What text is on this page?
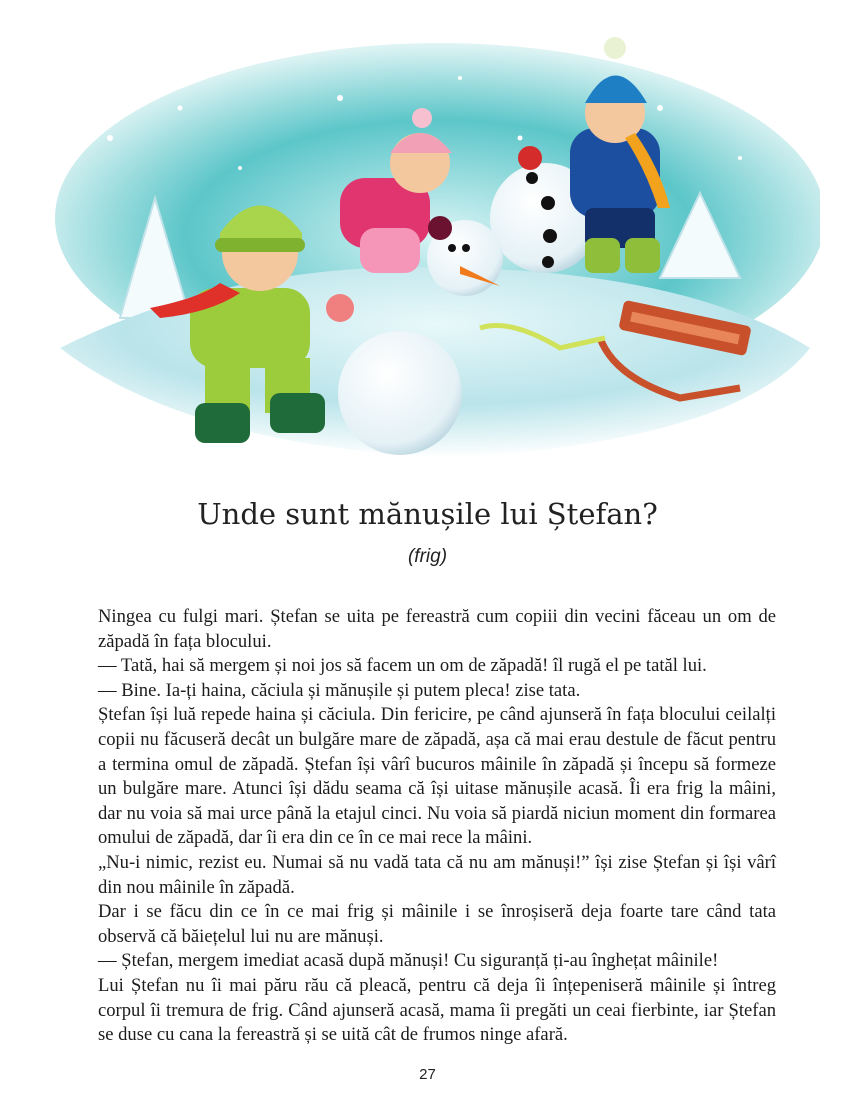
Unde sunt mănușile lui Ștefan?
(frig)

Ningea cu fulgi mari. Ștefan se uita pe fereastră cum copiii din vecini făceau un om de zăpadă în fața blocului.

— Tată, hai să mergem și noi jos să facem un om de zăpadă! îl rugă el pe tatăl lui.

— Bine. Ia-ți haina, căciula și mănușile și putem pleca! zise tata.

Ștefan își luă repede haina și căciula. Din fericire, pe când ajunseră în fața blocului ceilalți copii nu făcuseră decât un bulgăre mare de zăpadă, așa că mai erau destule de făcut pentru a termina omul de zăpadă. Ștefan își vârî bucuros mâinile în zăpadă și începu să formeze un bulgăre mare. Atunci își dădu seama că își uitase mănușile acasă. Îi era frig la mâini, dar nu voia să mai urce până la etajul cinci. Nu voia să piardă niciun moment din formarea omului de zăpadă, dar îi era din ce în ce mai rece la mâini.

„Nu-i nimic, rezist eu. Numai să nu vadă tata că nu am mănuși!” își zise Ștefan și își vârî din nou mâinile în zăpadă.

Dar i se făcu din ce în ce mai frig și mâinile i se înroșiseră deja foarte tare când tata observă că băiețelul lui nu are mănuși.

— Ștefan, mergem imediat acasă după mănuși! Cu siguranță ți-au înghețat mâinile!

Lui Ștefan nu îi mai păru rău că pleacă, pentru că deja îi înțepeniseră mâinile și întreg corpul îi tremura de frig. Când ajunseră acasă, mama îi pregăti un ceai fierbinte, iar Ștefan se duse cu cana la fereastră și se uită cât de frumos ninge afară.

27
